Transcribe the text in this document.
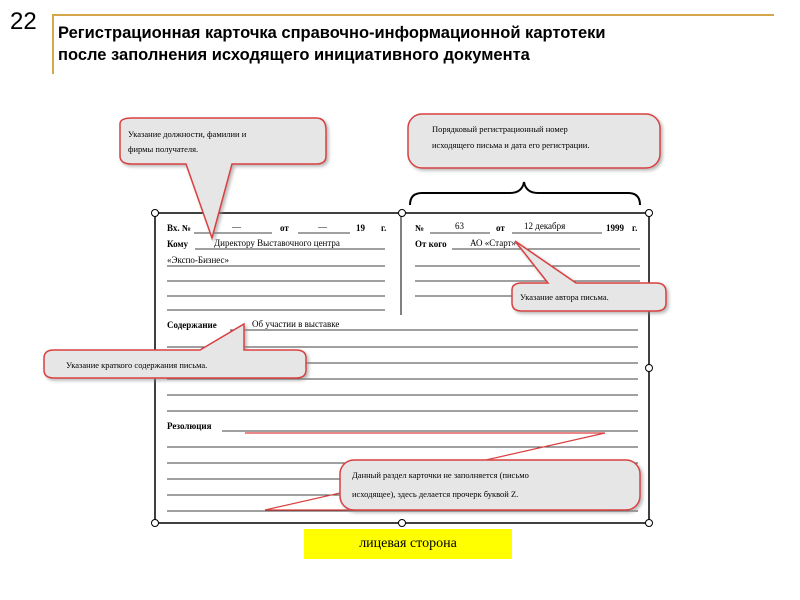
22 Регистрационная карточка справочно-информационной картотеки
после заполнения исходящего инициативного документа
Вх. №	—	от	—	19 г.
Кому	Директору Выставочного центра
«Экспо-Бизнес»
№	63	от 12 декабря	1999 г.
От кого	АО «Старт»
Содержание	Об участии в выставке
Резолюция
Указание должности, фамилии и
фирмы получателя.
Порядковый регистрационный номер
исходящего письма и дата его регистрации.
Указание автора письма.
Указание краткого содержания письма.
Данный раздел карточки не заполняется (письмо
исходящее), здесь делается прочерк буквой Z.
лицевая сторона
